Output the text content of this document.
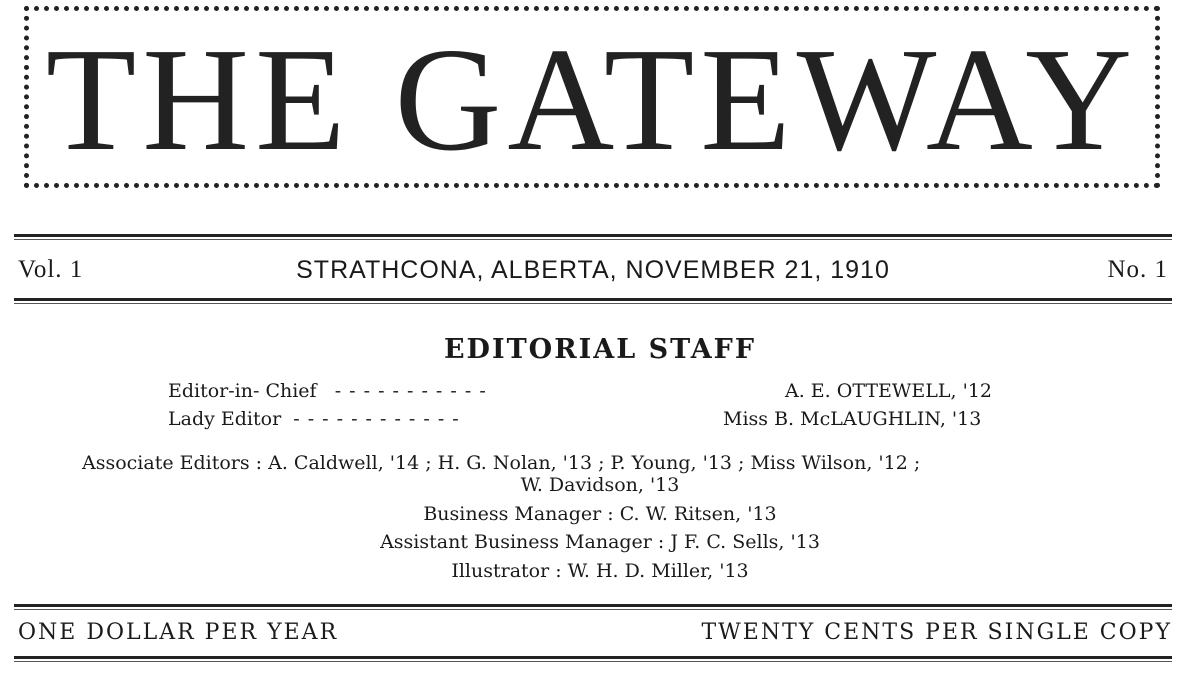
THE GATEWAY
Vol. 1	STRATHCONA, ALBERTA, NOVEMBER 21, 1910	No. 1
EDITORIAL STAFF
Editor-in- Chief - - - - - - - - - - -	A. E. OTTEWELL, '12
Lady Editor - - - - - - - - - - - -	Miss B. McLAUGHLIN, '13
Associate Editors : A. Caldwell, '14 ; H. G. Nolan, '13 ; P. Young, '13 ; Miss Wilson, '12 ;
W. Davidson, '13
Business Manager : C. W. Ritsen, '13
Assistant Business Manager : J F. C. Sells, '13
Illustrator : W. H. D. Miller, '13
ONE DOLLAR PER YEAR	TWENTY CENTS PER SINGLE COPY
